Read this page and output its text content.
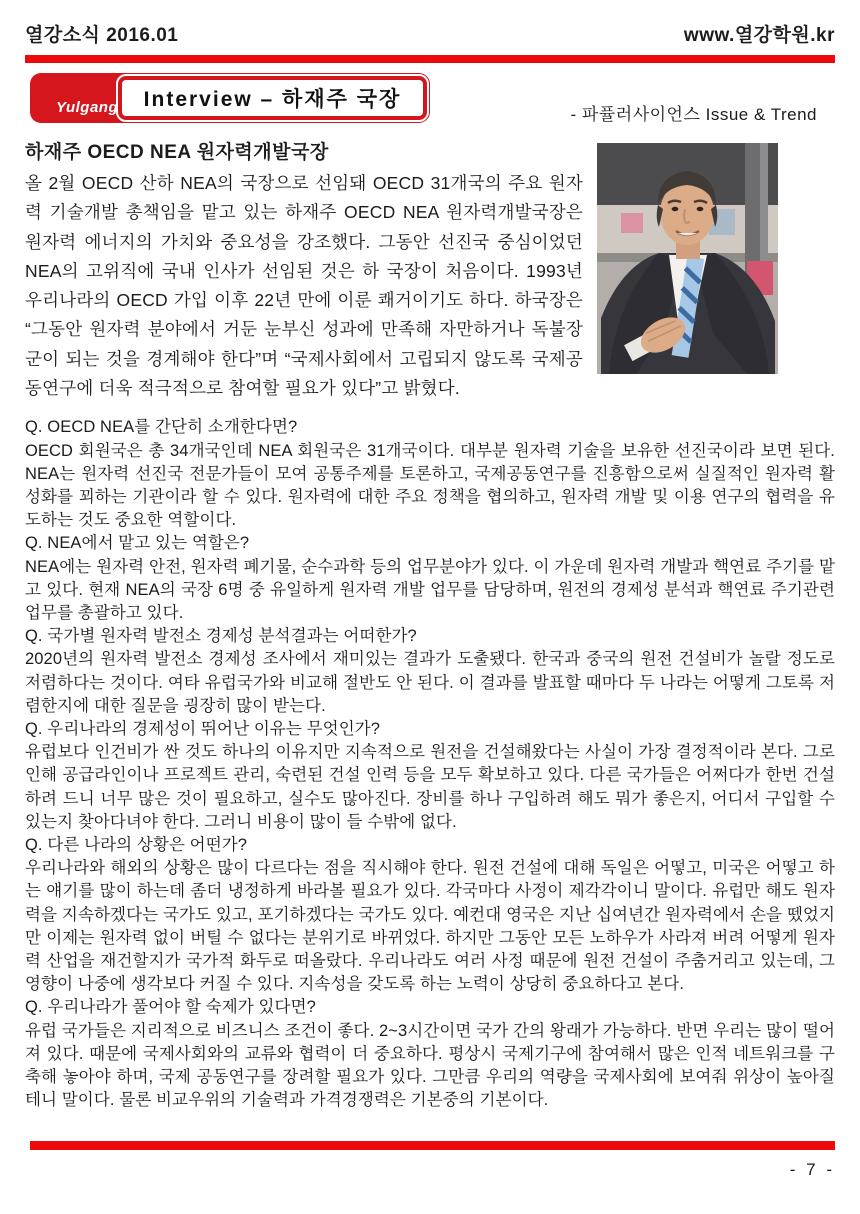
열강소식 2016.01	www.열강학원.kr
Yulgang	Interview – 하재주 국장
- 파퓰러사이언스 Issue & Trend
하재주 OECD NEA 원자력개발국장

올 2월 OECD 산하 NEA의 국장으로 선임돼 OECD 31개국의 주요 원자력 기술개발 총책임을 맡고 있는 하재주 OECD NEA 원자력개발국장은 원자력 에너지의 가치와 중요성을 강조했다. 그동안 선진국 중심이었던 NEA의 고위직에 국내 인사가 선임된 것은 하 국장이 처음이다. 1993년 우리나라의 OECD 가입 이후 22년 만에 이룬 쾌거이기도 하다. 하국장은 “그동안 원자력 분야에서 거둔 눈부신 성과에 만족해 자만하거나 독불장군이 되는 것을 경계해야 한다”며 “국제사회에서 고립되지 않도록 국제공동연구에 더욱 적극적으로 참여할 필요가 있다”고 밝혔다.

Q. OECD NEA를 간단히 소개한다면?

OECD 회원국은 총 34개국인데 NEA 회원국은 31개국이다. 대부분 원자력 기술을 보유한 선진국이라 보면 된다. NEA는 원자력 선진국 전문가들이 모여 공통주제를 토론하고, 국제공동연구를 진흥함으로써 실질적인 원자력 활성화를 꾀하는 기관이라 할 수 있다. 원자력에 대한 주요 정책을 협의하고, 원자력 개발 및 이용 연구의 협력을 유도하는 것도 중요한 역할이다.

Q. NEA에서 맡고 있는 역할은?

NEA에는 원자력 안전, 원자력 폐기물, 순수과학 등의 업무분야가 있다. 이 가운데 원자력 개발과 핵연료 주기를 맡고 있다. 현재 NEA의 국장 6명 중 유일하게 원자력 개발 업무를 담당하며, 원전의 경제성 분석과 핵연료 주기관련 업무를 총괄하고 있다.

Q. 국가별 원자력 발전소 경제성 분석결과는 어떠한가?

2020년의 원자력 발전소 경제성 조사에서 재미있는 결과가 도출됐다. 한국과 중국의 원전 건설비가 놀랄 정도로 저렴하다는 것이다. 여타 유럽국가와 비교해 절반도 안 된다. 이 결과를 발표할 때마다 두 나라는 어떻게 그토록 저렴한지에 대한 질문을 굉장히 많이 받는다.

Q. 우리나라의 경제성이 뛰어난 이유는 무엇인가?

유럽보다 인건비가 싼 것도 하나의 이유지만 지속적으로 원전을 건설해왔다는 사실이 가장 결정적이라 본다. 그로 인해 공급라인이나 프로젝트 관리, 숙련된 건설 인력 등을 모두 확보하고 있다. 다른 국가들은 어쩌다가 한번 건설하려 드니 너무 많은 것이 필요하고, 실수도 많아진다. 장비를 하나 구입하려 해도 뭐가 좋은지, 어디서 구입할 수 있는지 찾아다녀야 한다. 그러니 비용이 많이 들 수밖에 없다.

Q. 다른 나라의 상황은 어떤가?

우리나라와 해외의 상황은 많이 다르다는 점을 직시해야 한다. 원전 건설에 대해 독일은 어떻고, 미국은 어떻고 하는 얘기를 많이 하는데 좀더 냉정하게 바라볼 필요가 있다. 각국마다 사정이 제각각이니 말이다. 유럽만 해도 원자력을 지속하겠다는 국가도 있고, 포기하겠다는 국가도 있다. 예컨대 영국은 지난 십여년간 원자력에서 손을 뗐었지만 이제는 원자력 없이 버틸 수 없다는 분위기로 바뀌었다. 하지만 그동안 모든 노하우가 사라져 버려 어떻게 원자력 산업을 재건할지가 국가적 화두로 떠올랐다. 우리나라도 여러 사정 때문에 원전 건설이 주춤거리고 있는데, 그 영향이 나중에 생각보다 커질 수 있다. 지속성을 갖도록 하는 노력이 상당히 중요하다고 본다.

Q. 우리나라가 풀어야 할 숙제가 있다면?

유럽 국가들은 지리적으로 비즈니스 조건이 좋다. 2~3시간이면 국가 간의 왕래가 가능하다. 반면 우리는 많이 떨어져 있다. 때문에 국제사회와의 교류와 협력이 더 중요하다. 평상시 국제기구에 참여해서 많은 인적 네트워크를 구축해 놓아야 하며, 국제 공동연구를 장려할 필요가 있다. 그만큼 우리의 역량을 국제사회에 보여줘 위상이 높아질테니 말이다. 물론 비교우위의 기술력과 가격경쟁력은 기본중의 기본이다.

- 7 -
